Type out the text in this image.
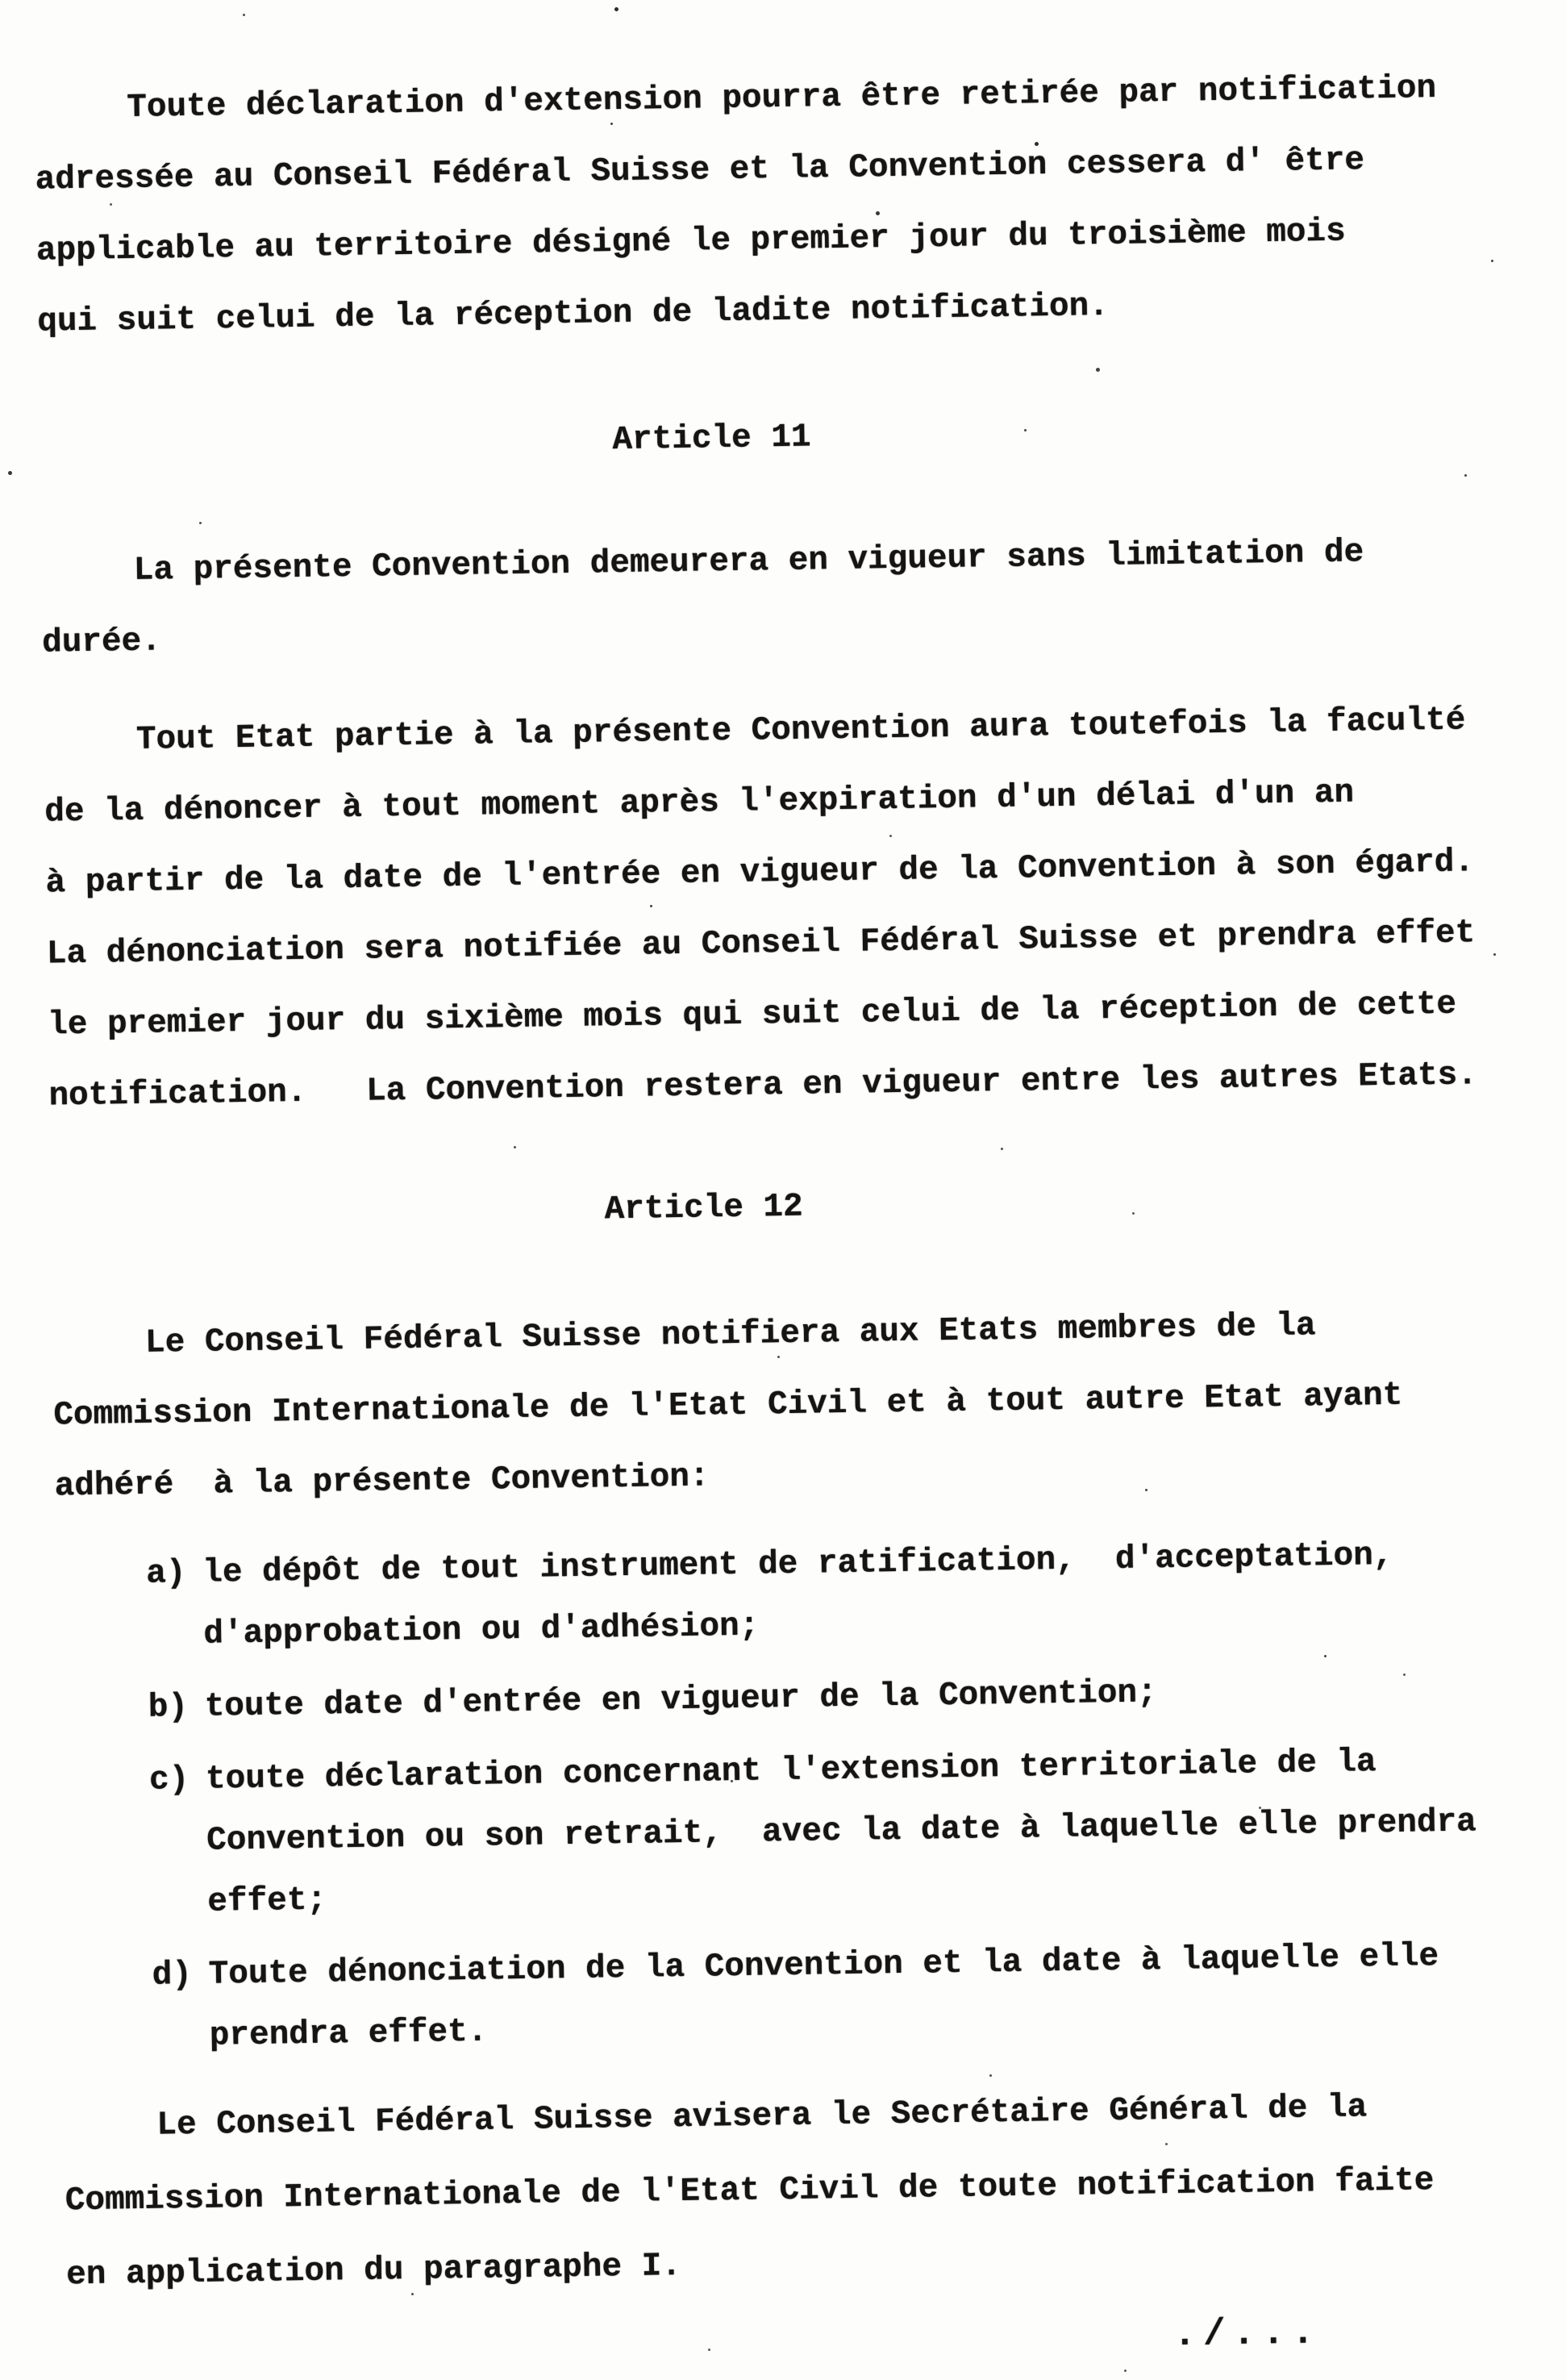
Toute déclaration d'extension pourra être retirée par notification
adressée au Conseil Fédéral Suisse et la Convention cessera d' être
applicable au territoire désigné le premier jour du troisième mois
qui suit celui de la réception de ladite notification.

Article 11

La présente Convention demeurera en vigueur sans limitation de
durée.

Tout Etat partie à la présente Convention aura toutefois la faculté
de la dénoncer à tout moment après l'expiration d'un délai d'un an
à partir de la date de l'entrée en vigueur de la Convention à son égard.
La dénonciation sera notifiée au Conseil Fédéral Suisse et prendra effet
le premier jour du sixième mois qui suit celui de la réception de cette
notification.   La Convention restera en vigueur entre les autres Etats.

Article 12

Le Conseil Fédéral Suisse notifiera aux Etats membres de la
Commission Internationale de l'Etat Civil et à tout autre Etat ayant
adhéré  à la présente Convention:

a) le dépôt de tout instrument de ratification,  d'acceptation,
d'approbation ou d'adhésion;
b) toute date d'entrée en vigueur de la Convention;
c) toute déclaration concernant l'extension territoriale de la
Convention ou son retrait,  avec la date à laquelle elle prendra
effet;
d) Toute dénonciation de la Convention et la date à laquelle elle
prendra effet.

Le Conseil Fédéral Suisse avisera le Secrétaire Général de la
Commission Internationale de l'Etat Civil de toute notification faite
en application du paragraphe I.

./...
